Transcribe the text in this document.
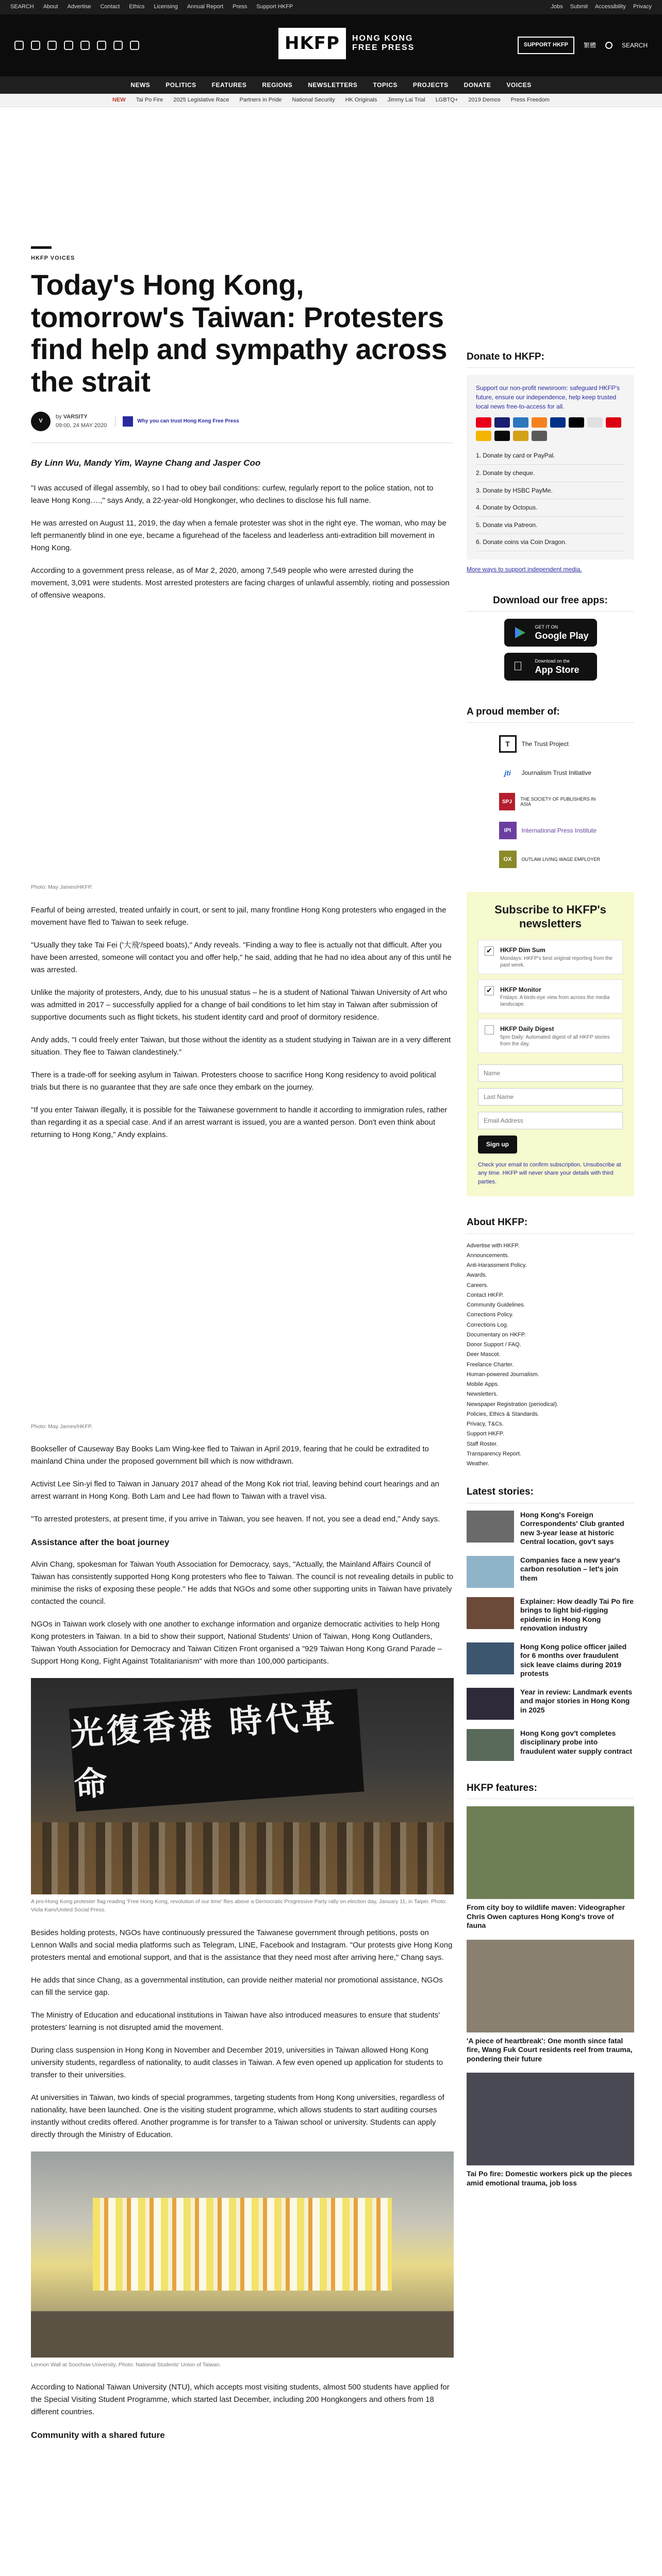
SEARCH About Advertise Contact Ethics Licensing Annual Report Press Support HKFP	Jobs Submit Accessibility Privacy
HKFP	HONG KONG
FREE PRESS	SUPPORT HKFP	繁體	SEARCH
NEWS	POLITICS	FEATURES	REGIONS	NEWSLETTERS	TOPICS	PROJECTS	DONATE	VOICES
NEW Tai Po Fire 2025 Legislative Race Partners in Pride National Security HK Originals Jimmy Lai Trial LGBTQ+ 2019 Demos Press Freedom
HKFP VOICES
Today's Hong Kong, tomorrow's Taiwan: Protesters find help and sympathy across the strait
V
by VARSITY
09:00, 24 MAY 2020
Why you can trust Hong Kong Free Press
By Linn Wu, Mandy Yim, Wayne Chang and Jasper Coo

"I was accused of illegal assembly, so I had to obey bail conditions: curfew, regularly report to the police station, not to leave Hong Kong….," says Andy, a 22-year-old Hongkonger, who declines to disclose his full name.

He was arrested on August 11, 2019, the day when a female protester was shot in the right eye. The woman, who may be left permanently blind in one eye, became a figurehead of the faceless and leaderless anti-extradition bill movement in Hong Kong.

According to a government press release, as of Mar 2, 2020, among 7,549 people who were arrested during the movement, 3,091 were students. Most arrested protesters are facing charges of unlawful assembly, rioting and possession of offensive weapons.

Photo: May James/HKFP.

Fearful of being arrested, treated unfairly in court, or sent to jail, many frontline Hong Kong protesters who engaged in the movement have fled to Taiwan to seek refuge.

"Usually they take Tai Fei ('大飛'/speed boats)," Andy reveals. "Finding a way to flee is actually not that difficult. After you have been arrested, someone will contact you and offer help," he said, adding that he had no idea about any of this until he was arrested.

Unlike the majority of protesters, Andy, due to his unusual status – he is a student of National Taiwan University of Art who was admitted in 2017 – successfully applied for a change of bail conditions to let him stay in Taiwan after submission of supportive documents such as flight tickets, his student identity card and proof of dormitory residence.

Andy adds, "I could freely enter Taiwan, but those without the identity as a student studying in Taiwan are in a very different situation. They flee to Taiwan clandestinely."

There is a trade-off for seeking asylum in Taiwan. Protesters choose to sacrifice Hong Kong residency to avoid political trials but there is no guarantee that they are safe once they embark on the journey.

"If you enter Taiwan illegally, it is possible for the Taiwanese government to handle it according to immigration rules, rather than regarding it as a special case. And if an arrest warrant is issued, you are a wanted person. Don't even think about returning to Hong Kong," Andy explains.

Photo: May James/HKFP.

Bookseller of Causeway Bay Books Lam Wing-kee fled to Taiwan in April 2019, fearing that he could be extradited to mainland China under the proposed government bill which is now withdrawn.

Activist Lee Sin-yi fled to Taiwan in January 2017 ahead of the Mong Kok riot trial, leaving behind court hearings and an arrest warrant in Hong Kong. Both Lam and Lee had flown to Taiwan with a travel visa.

"To arrested protesters, at present time, if you arrive in Taiwan, you see heaven. If not, you see a dead end," Andy says.

Assistance after the boat journey

Alvin Chang, spokesman for Taiwan Youth Association for Democracy, says, "Actually, the Mainland Affairs Council of Taiwan has consistently supported Hong Kong protesters who flee to Taiwan. The council is not revealing details in public to minimise the risks of exposing these people." He adds that NGOs and some other supporting units in Taiwan have privately contacted the council.

NGOs in Taiwan work closely with one another to exchange information and organize democratic activities to help Hong Kong protesters in Taiwan. In a bid to show their support, National Students' Union of Taiwan, Hong Kong Outlanders, Taiwan Youth Association for Democracy and Taiwan Citizen Front organised a "929 Taiwan Hong Kong Grand Parade – Support Hong Kong, Fight Against Totalitarianism" with more than 100,000 participants.

光復香港 時代革命
A pro-Hong Kong protester flag reading 'Free Hong Kong, revolution of our time' flies above a Democratic Progressive Party rally on election day, January 11, in Taipei. Photo: Viola Kam/United Social Press.

Besides holding protests, NGOs have continuously pressured the Taiwanese government through petitions, posts on Lennon Walls and social media platforms such as Telegram, LINE, Facebook and Instagram. "Our protests give Hong Kong protesters mental and emotional support, and that is the assistance that they need most after arriving here," Chang says.

He adds that since Chang, as a governmental institution, can provide neither material nor promotional assistance, NGOs can fill the service gap.

The Ministry of Education and educational institutions in Taiwan have also introduced measures to ensure that students' protesters' learning is not disrupted amid the movement.

During class suspension in Hong Kong in November and December 2019, universities in Taiwan allowed Hong Kong university students, regardless of nationality, to audit classes in Taiwan. A few even opened up application for students to transfer to their universities.

At universities in Taiwan, two kinds of special programmes, targeting students from Hong Kong universities, regardless of nationality, have been launched. One is the visiting student programme, which allows students to start auditing courses instantly without credits offered. Another programme is for transfer to a Taiwan school or university. Students can apply directly through the Ministry of Education.

Lennon Wall at Soochow University. Photo: National Students' Union of Taiwan.

According to National Taiwan University (NTU), which accepts most visiting students, almost 500 students have applied for the Special Visiting Student Programme, which started last December, including 200 Hongkongers and others from 18 different countries.

Community with a shared future
Donate to HKFP:
Support our non-profit newsroom: safeguard HKFP's future, ensure our independence, help keep trusted local news free-to-access for all.
1. Donate by card or PayPal.
2. Donate by cheque.
3. Donate by HSBC PayMe.
4. Donate by Octopus.
5. Donate via Patreon.
6. Donate coins via Coin Dragon.
More ways to support independent media.
Download our free apps:
GET IT ON
Google Play
Download on the
App Store
A proud member of:
T	The Trust Project
jti	Journalism Trust Initiative
SPJ
THE SOCIETY OF PUBLISHERS IN ASIA
IPI	International Press Institute
OX	OUTLAW LIVING WAGE EMPLOYER
Subscribe to HKFP's newsletters
✔
HKFP Dim Sum
Mondays: HKFP's best original reporting from the past week.
✔
HKFP Monitor
Fridays: A birds-eye view from across the media landscape.
HKFP Daily Digest
5pm Daily: Automated digest of all HKFP stories from the day.
Name Last Name Email Address Sign up
Check your email to confirm subscription. Unsubscribe at any time. HKFP will never share your details with third parties.
About HKFP:
Advertise with HKFP.
Announcements.
Anti-Harassment Policy.
Awards.
Careers.
Contact HKFP.
Community Guidelines.
Corrections Policy.
Corrections Log.
Documentary on HKFP.
Donor Support / FAQ.
Deer Mascot.
Freelance Charter.
Human-powered Journalism.
Mobile Apps.
Newsletters.
Newspaper Registration (periodical).
Policies, Ethics & Standards.
Privacy, T&Cs.
Support HKFP.
Staff Roster.
Transparency Report.
Weather.
Latest stories:
Hong Kong's Foreign Correspondents' Club granted new 3-year lease at historic Central location, gov't says
Companies face a new year's carbon resolution – let's join them
Explainer: How deadly Tai Po fire brings to light bid-rigging epidemic in Hong Kong renovation industry
Hong Kong police officer jailed for 6 months over fraudulent sick leave claims during 2019 protests
Year in review: Landmark events and major stories in Hong Kong in 2025
Hong Kong gov't completes disciplinary probe into fraudulent water supply contract
HKFP features:
From city boy to wildlife maven: Videographer Chris Owen captures Hong Kong's trove of fauna
'A piece of heartbreak': One month since fatal fire, Wang Fuk Court residents reel from trauma, pondering their future
Tai Po fire: Domestic workers pick up the pieces amid emotional trauma, job loss
